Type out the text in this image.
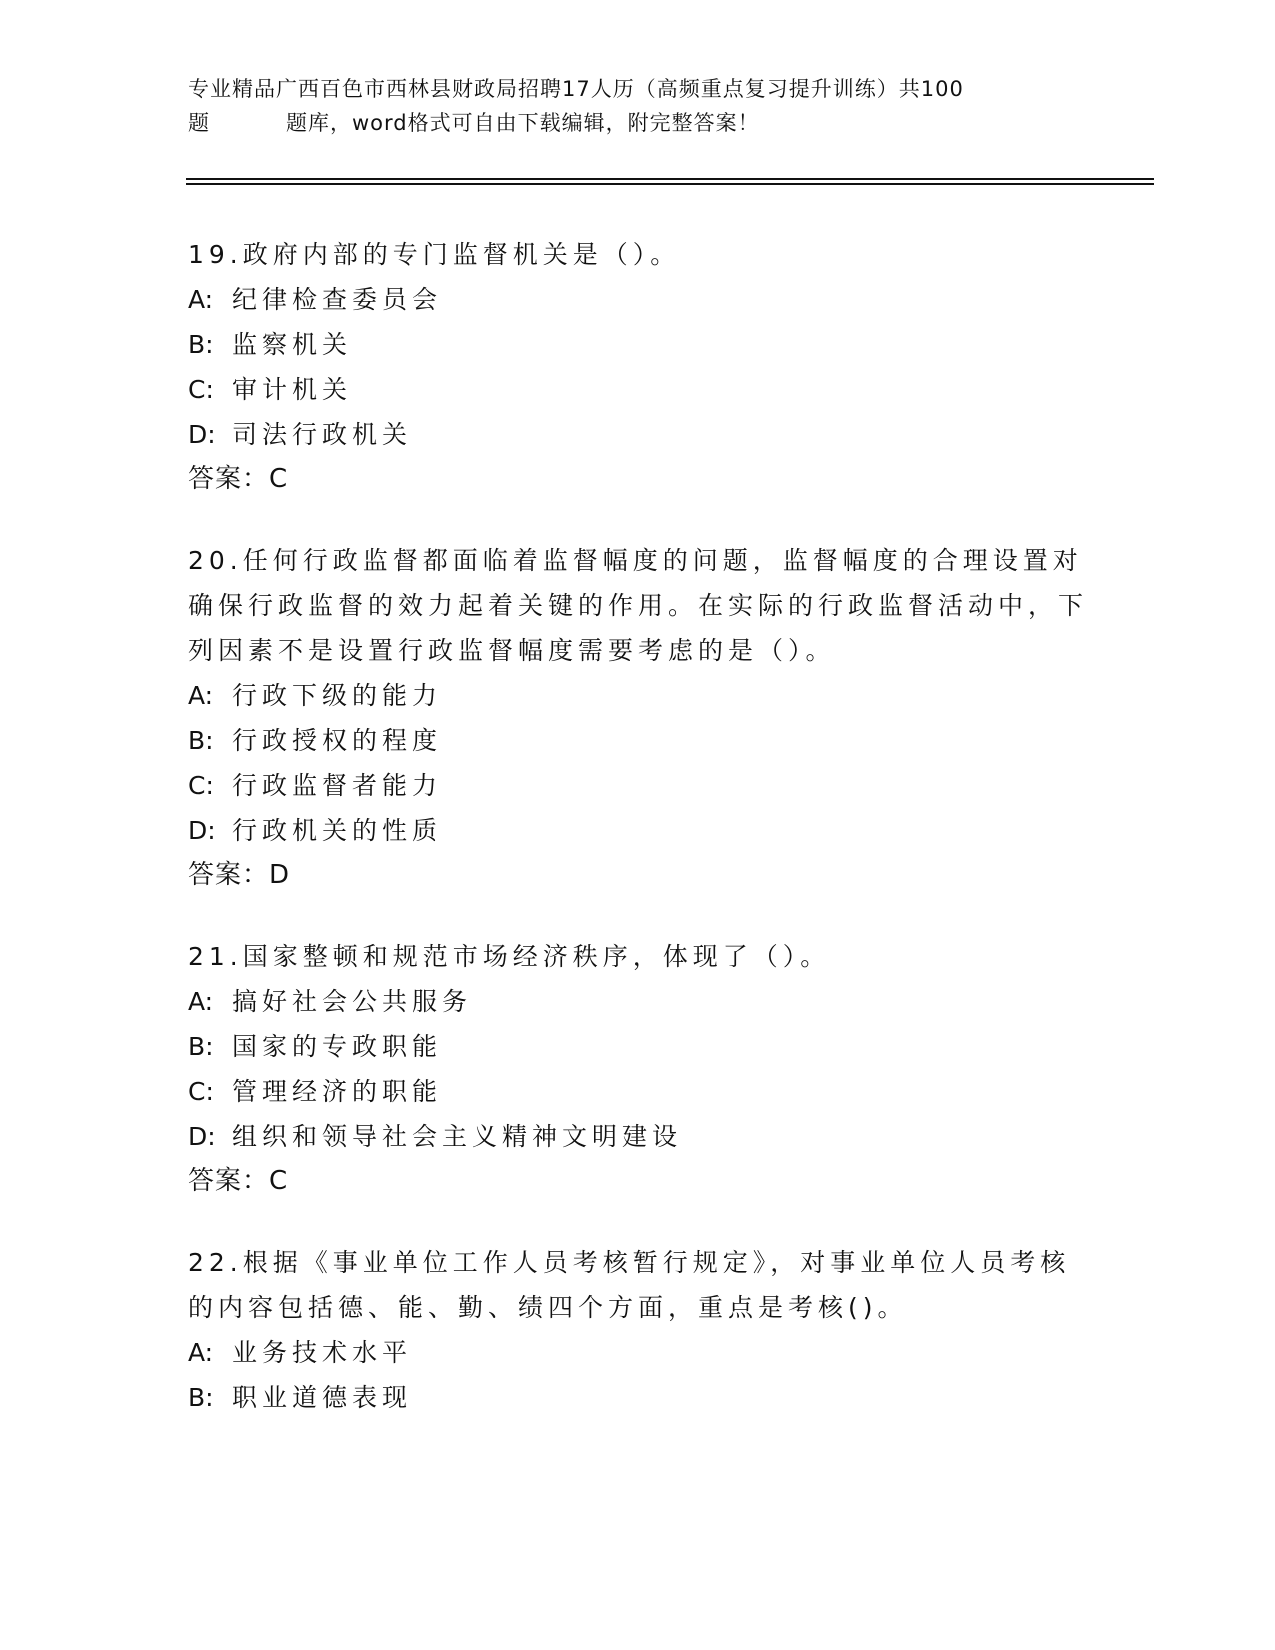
专业精品广西百色市西林县财政局招聘17人历（高频重点复习提升训练）共100
题	题库，word格式可自由下载编辑，附完整答案！

19.政府内部的专门监督机关是（）。

A: 纪律检查委员会

B: 监察机关

C: 审计机关

D: 司法行政机关

答案：C

20.任何行政监督都面临着监督幅度的问题，监督幅度的合理设置对确保行政监督的效力起着关键的作用。在实际的行政监督活动中，下列因素不是设置行政监督幅度需要考虑的是（）。

A: 行政下级的能力

B: 行政授权的程度

C: 行政监督者能力

D: 行政机关的性质

答案：D

21.国家整顿和规范市场经济秩序，体现了（）。

A: 搞好社会公共服务

B: 国家的专政职能

C: 管理经济的职能

D: 组织和领导社会主义精神文明建设

答案：C

22.根据《事业单位工作人员考核暂行规定》，对事业单位人员考核的内容包括德、能、勤、绩四个方面，重点是考核()。

A: 业务技术水平

B: 职业道德表现
